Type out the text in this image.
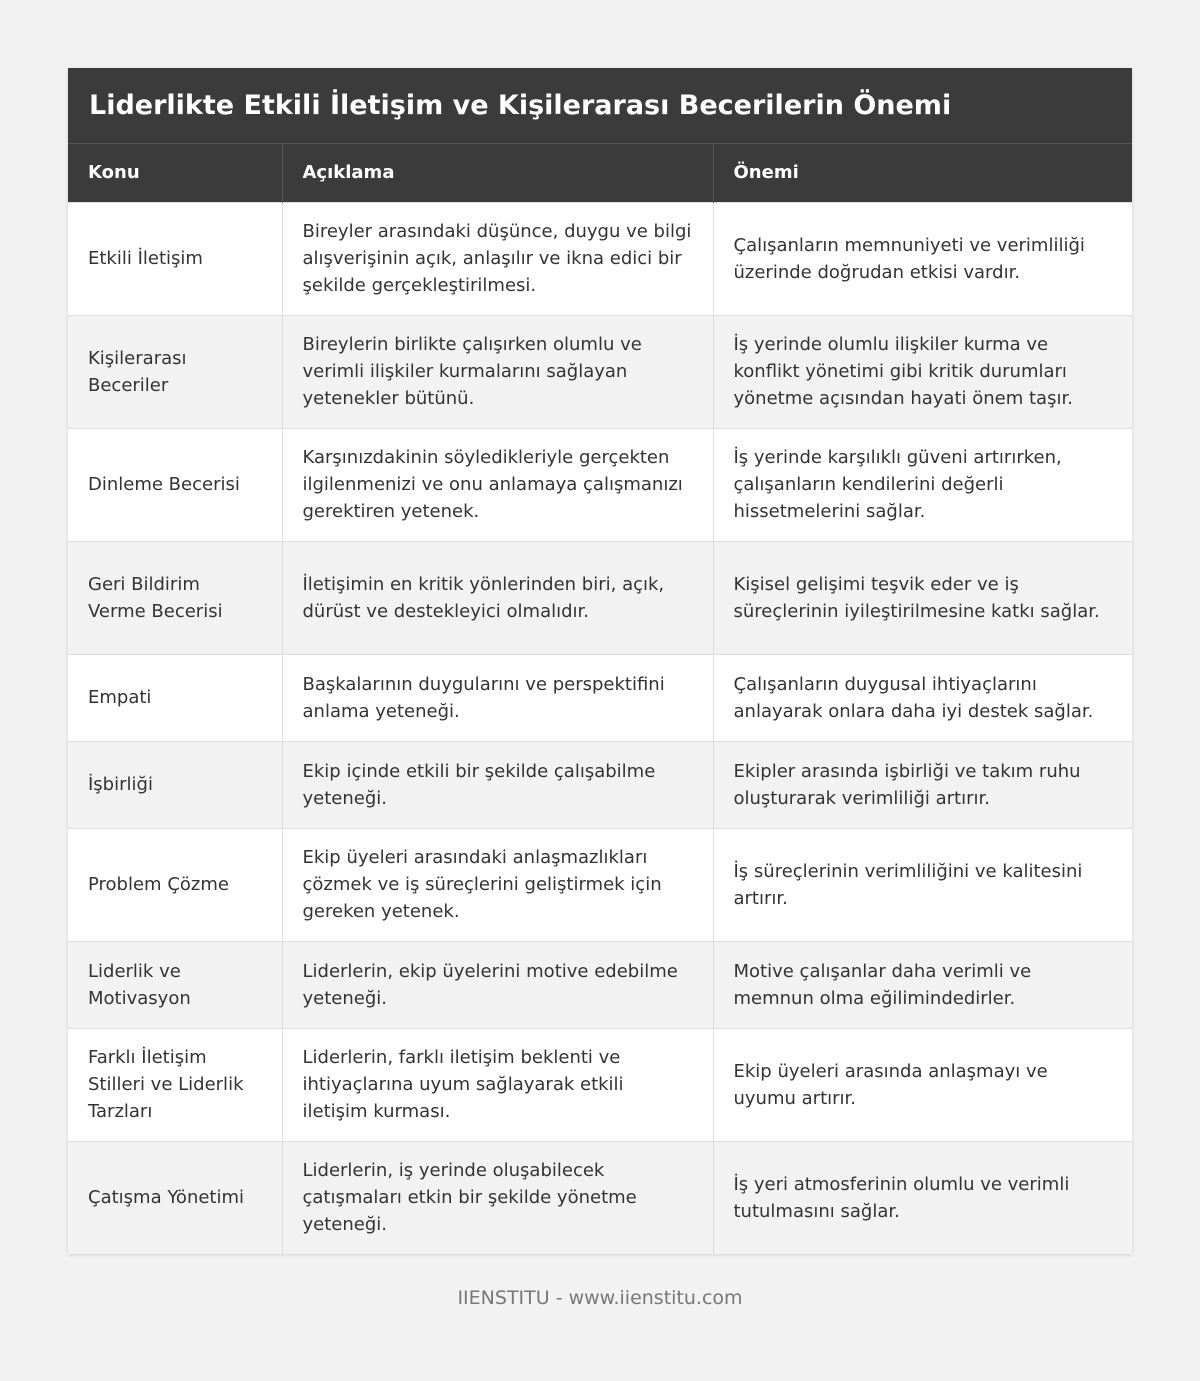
Liderlikte Etkili İletişim ve Kişilerarası Becerilerin Önemi
Konu	Açıklama	Önemi
Etkili İletişim	Bireyler arasındaki düşünce, duygu ve bilgi alışverişinin açık, anlaşılır ve ikna edici bir şekilde gerçekleştirilmesi.	Çalışanların memnuniyeti ve verimliliği üzerinde doğrudan etkisi vardır.
Kişilerarası Beceriler	Bireylerin birlikte çalışırken olumlu ve verimli ilişkiler kurmalarını sağlayan yetenekler bütünü.	İş yerinde olumlu ilişkiler kurma ve konflikt yönetimi gibi kritik durumları yönetme açısından hayati önem taşır.
Dinleme Becerisi	Karşınızdakinin söyledikleriyle gerçekten ilgilenmenizi ve onu anlamaya çalışmanızı gerektiren yetenek.	İş yerinde karşılıklı güveni artırırken, çalışanların kendilerini değerli hissetmelerini sağlar.
Geri Bildirim Verme Becerisi	İletişimin en kritik yönlerinden biri, açık, dürüst ve destekleyici olmalıdır.	Kişisel gelişimi teşvik eder ve iş süreçlerinin iyileştirilmesine katkı sağlar.
Empati	Başkalarının duygularını ve perspektifini anlama yeteneği.	Çalışanların duygusal ihtiyaçlarını anlayarak onlara daha iyi destek sağlar.
İşbirliği	Ekip içinde etkili bir şekilde çalışabilme yeteneği.	Ekipler arasında işbirliği ve takım ruhu oluşturarak verimliliği artırır.
Problem Çözme	Ekip üyeleri arasındaki anlaşmazlıkları çözmek ve iş süreçlerini geliştirmek için gereken yetenek.	İş süreçlerinin verimliliğini ve kalitesini artırır.
Liderlik ve Motivasyon	Liderlerin, ekip üyelerini motive edebilme yeteneği.	Motive çalışanlar daha verimli ve memnun olma eğilimindedirler.
Farklı İletişim Stilleri ve Liderlik Tarzları	Liderlerin, farklı iletişim beklenti ve ihtiyaçlarına uyum sağlayarak etkili iletişim kurması.	Ekip üyeleri arasında anlaşmayı ve uyumu artırır.
Çatışma Yönetimi	Liderlerin, iş yerinde oluşabilecek çatışmaları etkin bir şekilde yönetme yeteneği.	İş yeri atmosferinin olumlu ve verimli tutulmasını sağlar.
IIENSTITU - www.iienstitu.com
